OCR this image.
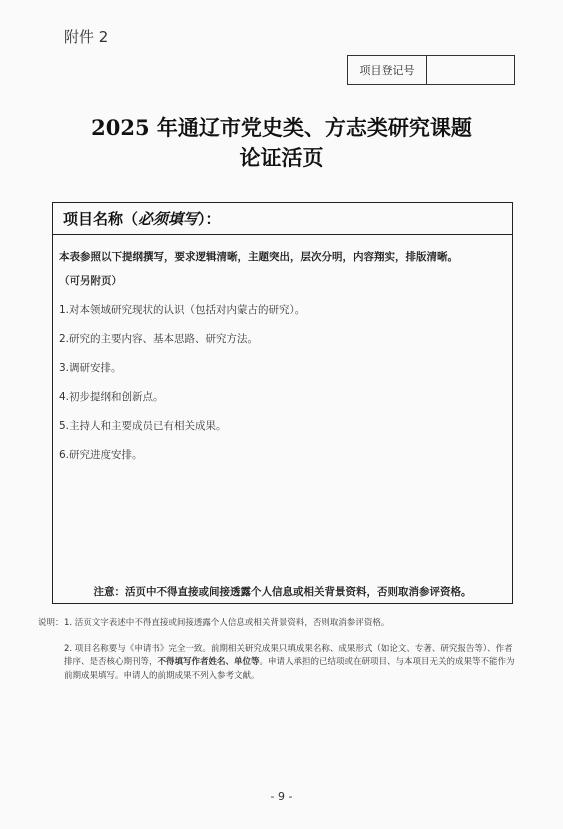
附件 2
项目登记号
2025 年通辽市党史类、方志类研究课题
论证活页
项目名称（ 必须填写 ）：
本表参照以下提纲撰写，要求逻辑清晰，主题突出，层次分明，内容翔实，排版清晰。
（可另附页）
1.对本领域研究现状的认识（包括对内蒙古的研究）。
2.研究的主要内容、基本思路、研究方法。
3.调研安排。
4.初步提纲和创新点。
5.主持人和主要成员已有相关成果。
6.研究进度安排。
注意：活页中不得直接或间接透露个人信息或相关背景资料，否则取消参评资格。
说明： 1. 活页文字表述中不得直接或间接透露个人信息或相关背景资料，否则取消参评资格。

2. 项目名称要与《申请书》完全一致。前期相关研究成果只填成果名称、成果形式（如论文、专著、研究报告等）、作者排序、是否核心期刊等，不得填写作者姓名、单位等。申请人承担的已结项或在研项目、与本项目无关的成果等不能作为前期成果填写。申请人的前期成果不列入参考文献。

- 9 -
